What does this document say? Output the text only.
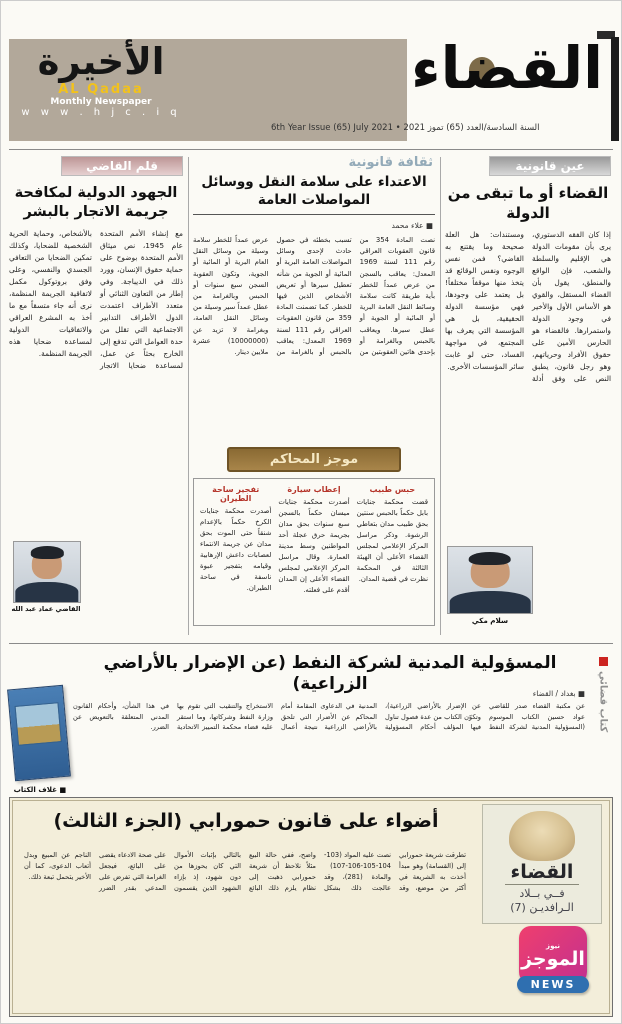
الأخيرة
AL Qadaa
Monthly Newspaper
w w w . h j c . i q
القضاء
السنة السادسة/العدد (65) تموز 2021 • 6th Year Issue (65) July 2021
عين قانونية
القضاء أو ما تبقى من الدولة
إذا كان الفقه الدستوري، يرى بأن مقومات الدولة هي الإقليم والسلطة والشعب، فإن الواقع والمنطق، يقول بأن القضاء المستقل، والقوي هو الأساس الأول والأخير في وجود الدولة واستمرارها. فالقضاء هو الحارس الأمين على حقوق الأفراد وحرياتهم، وهو رجل قانون، يطبق النص على وفق أدلة ومستندات: هل العلة صحيحة وما يقتنع به القاضي؟ فمن نفس الوجوه ونفس الوقائع قد يتخذ منها موقفاً مختلفاً! بل يعتمد على وجودها، فهي مؤسسة الدولة الحقيقية، بل هي المؤسسة التي يعرف بها المجتمع، في مواجهة الفساد، حتى لو غابت سائر المؤسسات الأخرى.
سلام مكي
ثقافة قانونية
الاعتداء على سلامة النقل ووسائل المواصلات العامة
■ علاء محمد
نصت المادة 354 من قانون العقوبات العراقي رقم 111 لسنة 1969 المعدل: يعاقب بالسجن من عرض عمداً للخطر بأية طريقة كانت سلامة وسائط النقل العامة البرية أو المائية أو الجوية أو عطل سيرها. ويعاقب بالحبس وبالغرامة أو بإحدى هاتين العقوبتين من تسبب بخطئه في حصول حادث لإحدى وسائل المواصلات العامة البرية أو المائية أو الجوية من شأنه تعطيل سيرها أو تعريض الأشخاص الذين فيها للخطر. كما تضمنت المادة 359 من قانون العقوبات العراقي رقم 111 لسنة 1969 المعدل: يعاقب بالحبس أو بالغرامة من عرض عمداً للخطر سلامة وسيلة من وسائل النقل العام البرية أو المائية أو الجوية، وتكون العقوبة السجن سبع سنوات أو الحبس وبالغرامة من عطل عمداً سير وسيلة من وسائل النقل العامة، وبغرامة لا تزيد عن (10000000) عشرة ملايين دينار.
موجز المحاكم
حبس طبيب
قضت محكمة جنايات بابل حكماً بالحبس سنتين بحق طبيب مدان بتعاطي الرشوة. وذكر مراسل المركز الإعلامي لمجلس القضاء الأعلى أن الهيئة الثالثة في المحكمة نظرت في قضية المدان.
إعطاب سيارة
أصدرت محكمة جنايات ميسان حكماً بالسجن سبع سنوات بحق مدان بجريمة حرق عجلة أحد المواطنين وسط مدينة العمارة. وقال مراسل المركز الإعلامي لمجلس القضاء الأعلى إن المدان أقدم على فعلته.
تفجير ساحة الطيران
أصدرت محكمة جنايات الكرخ حكماً بالإعدام شنقاً حتى الموت بحق مدان عن جريمة الانتماء لعصابات داعش الإرهابية وقيامه بتفجير عبوة ناسفة في ساحة الطيران.
قلم القاضي
الجهود الدولية لمكافحة جريمة الاتجار بالبشر
مع إنشاء الأمم المتحدة عام 1945، نص ميثاق الأمم المتحدة بوضوح على حماية حقوق الإنسان، وورد ذلك في الديباجة. وفي إطار من التعاون الثنائي أو متعدد الأطراف اعتمدت الدول الأطراف التدابير الاجتماعية التي تقلل من حدة العوامل التي تدفع إلى الخارج بحثاً عن عمل، لمساعدة ضحايا الاتجار بالأشخاص، وحماية الحرية الشخصية للضحايا، وكذلك تمكين الضحايا من التعافي الجسدي والنفسي، وعلى وفق بروتوكول مكمل لاتفاقية الجريمة المنظمة، نرى أنه جاء متسقاً مع ما أخذ به المشرع العراقي والاتفاقيات الدولية لمساعدة ضحايا هذه الجريمة المنظمة.
القاضي عماد عبد الله
كتاب قضائي
المسؤولية المدنية لشركة النفط (عن الإضرار بالأراضي الزراعية)	■ بغداد / القضاء
عن مكتبة القضاء صدر للقاضي عواد حسين الكتاب الموسوم (المسؤولية المدنية لشركة النفط عن الإضرار بالأراضي الزراعية)، وتكوّن الكتاب من عدة فصول تناول فيها المؤلف أحكام المسؤولية المدنية في الدعاوى المقامة أمام المحاكم عن الأضرار التي تلحق بالأراضي الزراعية نتيجة أعمال الاستخراج والتنقيب التي تقوم بها وزارة النفط وشركاتها، وما استقر عليه قضاء محكمة التمييز الاتحادية في هذا الشأن، وأحكام القانون المدني المتعلقة بالتعويض عن الضرر.
■ غلاف الكتاب
أضواء على قانون حمورابي (الجزء الثالث)
تطرقت شريعة حمورابي إلى (القسامة) وهو مبدأ أخذت به الشريعة في أكثر من موضع، وقد نصت عليه المواد (103-104-105-106-107) والمادة (281)، وقد عالجت ذلك بشكل واضح، ففي حالة البيع مثلاً نلاحظ أن شريعة حمورابي ذهبت إلى نظام يلزم ذلك البائع بالتالي بإثبات الأموال التي كان يحوزها من دون شهود، إذ بإزاء الشهود الذين يقسمون على صحة الادعاء يقضى على البائع، فيجعل الغرامة التي تفرض على المدعي بقدر الضرر الناجم عن المبيع وبدل أتعاب الدعوى، كما أن الأخير يتحمل تبعة ذلك.	القضاء
فــي بــلاد
الـرافديـن (7)
نيوز
الموجز
NEWS
